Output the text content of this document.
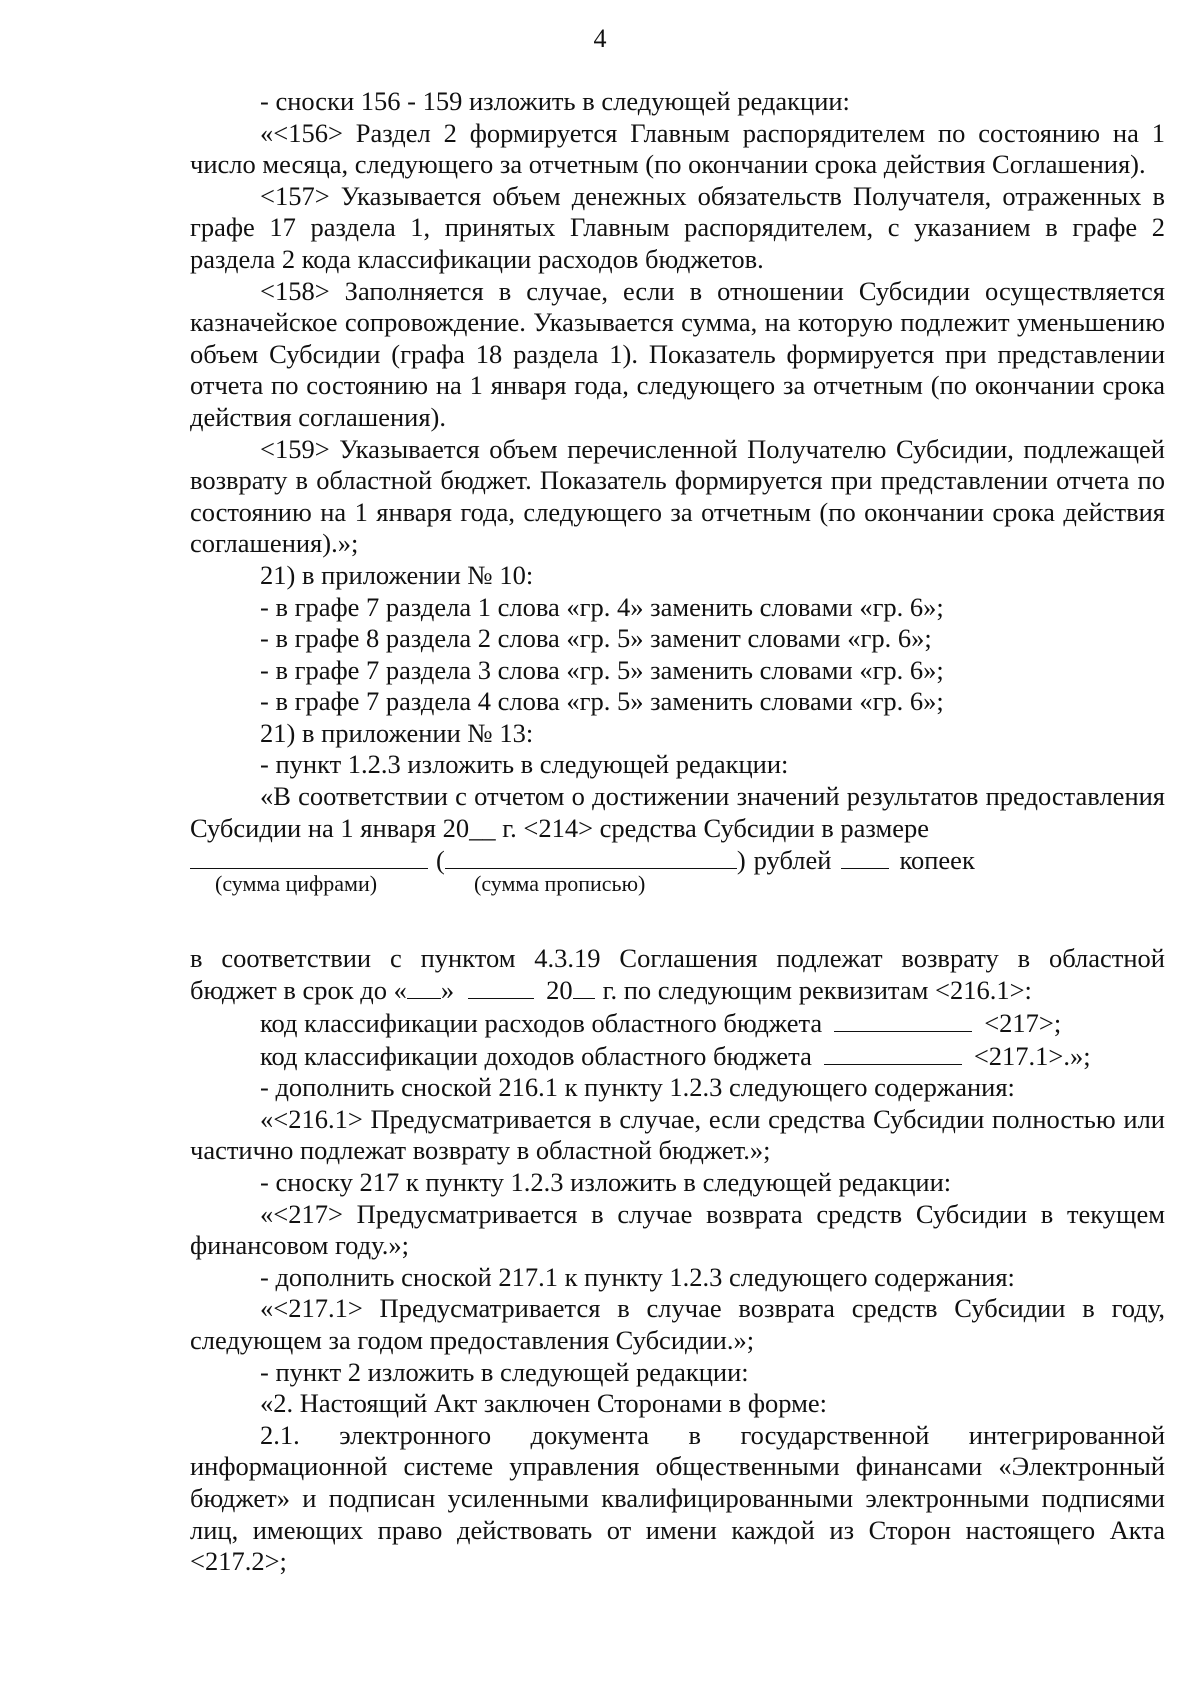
4

- сноски 156 - 159 изложить в следующей редакции:

«<156> Раздел 2 формируется Главным распорядителем по состоянию на 1 число месяца, следующего за отчетным (по окончании срока действия Соглашения).

<157> Указывается объем денежных обязательств Получателя, отраженных в графе 17 раздела 1, принятых Главным распорядителем, с указанием в графе 2 раздела 2 кода классификации расходов бюджетов.

<158> Заполняется в случае, если в отношении Субсидии осуществляется казначейское сопровождение. Указывается сумма, на которую подлежит уменьшению объем Субсидии (графа 18 раздела 1). Показатель формируется при представлении отчета по состоянию на 1 января года, следующего за отчетным (по окончании срока действия соглашения).

<159> Указывается объем перечисленной Получателю Субсидии, подлежащей возврату в областной бюджет. Показатель формируется при представлении отчета по состоянию на 1 января года, следующего за отчетным (по окончании срока действия соглашения).»;

21) в приложении № 10:

- в графе 7 раздела 1 слова «гр. 4» заменить словами «гр. 6»;

- в графе 8 раздела 2 слова «гр. 5» заменит словами «гр. 6»;

- в графе 7 раздела 3 слова «гр. 5» заменить словами «гр. 6»;

- в графе 7 раздела 4 слова «гр. 5» заменить словами «гр. 6»;

21) в приложении № 13:

- пункт 1.2.3 изложить в следующей редакции:

«В соответствии с отчетом о достижении значений результатов предоставления Субсидии на 1 января 20__ г. <214> средства Субсидии в размере

(	) рублей	копеек
(сумма цифрами)	(сумма прописью)

в соответствии с пунктом 4.3.19 Соглашения подлежат возврату в областной

бюджет в срок до « »	20 г. по следующим реквизитам <216.1>:
код классификации расходов областного бюджета	<217>;
код классификации доходов областного бюджета	<217.1>.»;

- дополнить сноской 216.1 к пункту 1.2.3 следующего содержания:

«<216.1> Предусматривается в случае, если средства Субсидии полностью или частично подлежат возврату в областной бюджет.»;

- сноску 217 к пункту 1.2.3 изложить в следующей редакции:

«<217> Предусматривается в случае возврата средств Субсидии в текущем финансовом году.»;

- дополнить сноской 217.1 к пункту 1.2.3 следующего содержания:

«<217.1> Предусматривается в случае возврата средств Субсидии в году, следующем за годом предоставления Субсидии.»;

- пункт 2 изложить в следующей редакции:

«2. Настоящий Акт заключен Сторонами в форме:

2.1. электронного документа в государственной интегрированной информационной системе управления общественными финансами «Электронный бюджет» и подписан усиленными квалифицированными электронными подписями лиц, имеющих право действовать от имени каждой из Сторон настоящего Акта <217.2>;
